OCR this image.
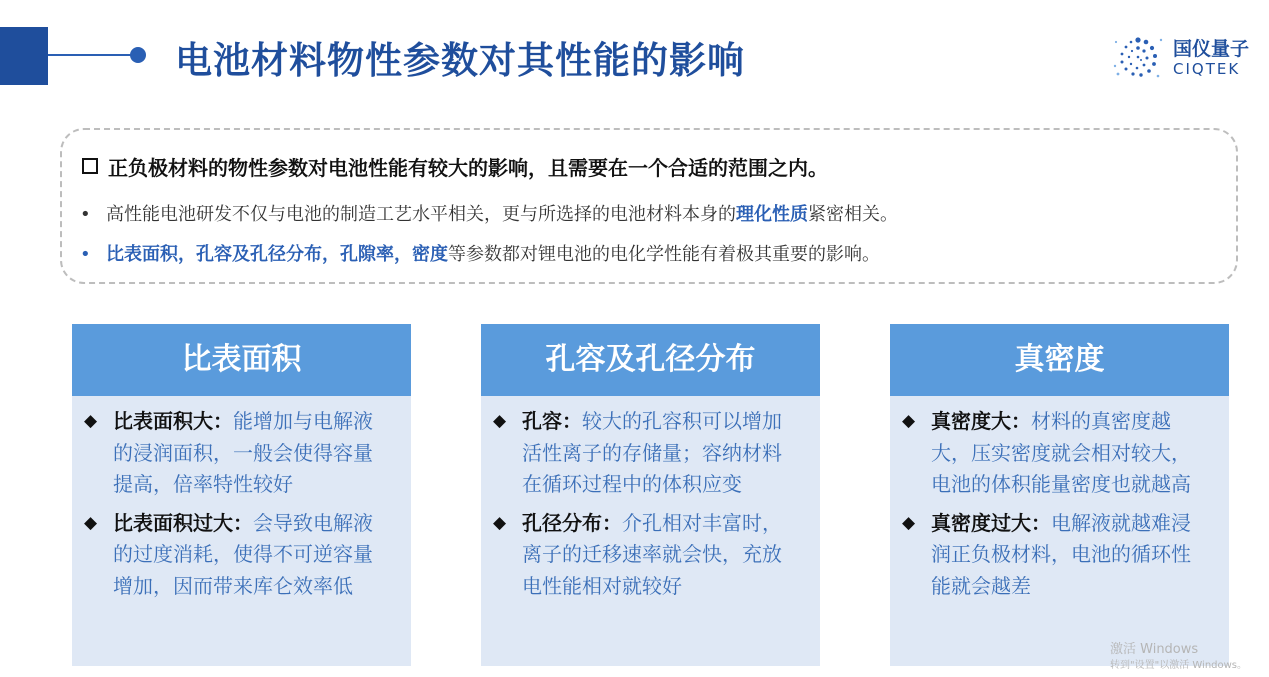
电池材料物性参数对其性能的影响	国仪量子
CIQTEK
正负极材料的物性参数对电池性能有较大的影响，且需要在一个合适的范围之内。
• 高性能电池研发不仅与电池的制造工艺水平相关，更与所选择的电池材料本身的理化性质紧密相关。
• 比表面积，孔容及孔径分布，孔隙率，密度等参数都对锂电池的电化学性能有着极其重要的影响。
比表面积
◆ 比表面积大：能增加与电解液的浸润面积，一般会使得容量提高，倍率特性较好
◆ 比表面积过大：会导致电解液的过度消耗，使得不可逆容量增加，因而带来库仑效率低
孔容及孔径分布
◆ 孔容：较大的孔容积可以增加活性离子的存储量；容纳材料在循环过程中的体积应变
◆ 孔径分布：介孔相对丰富时，离子的迁移速率就会快，充放电性能相对就较好
真密度
◆ 真密度大：材料的真密度越大，压实密度就会相对较大，电池的体积能量密度也就越高
◆ 真密度过大：电解液就越难浸润正负极材料，电池的循环性能就会越差
激活 Windows
转到"设置"以激活 Windows。
